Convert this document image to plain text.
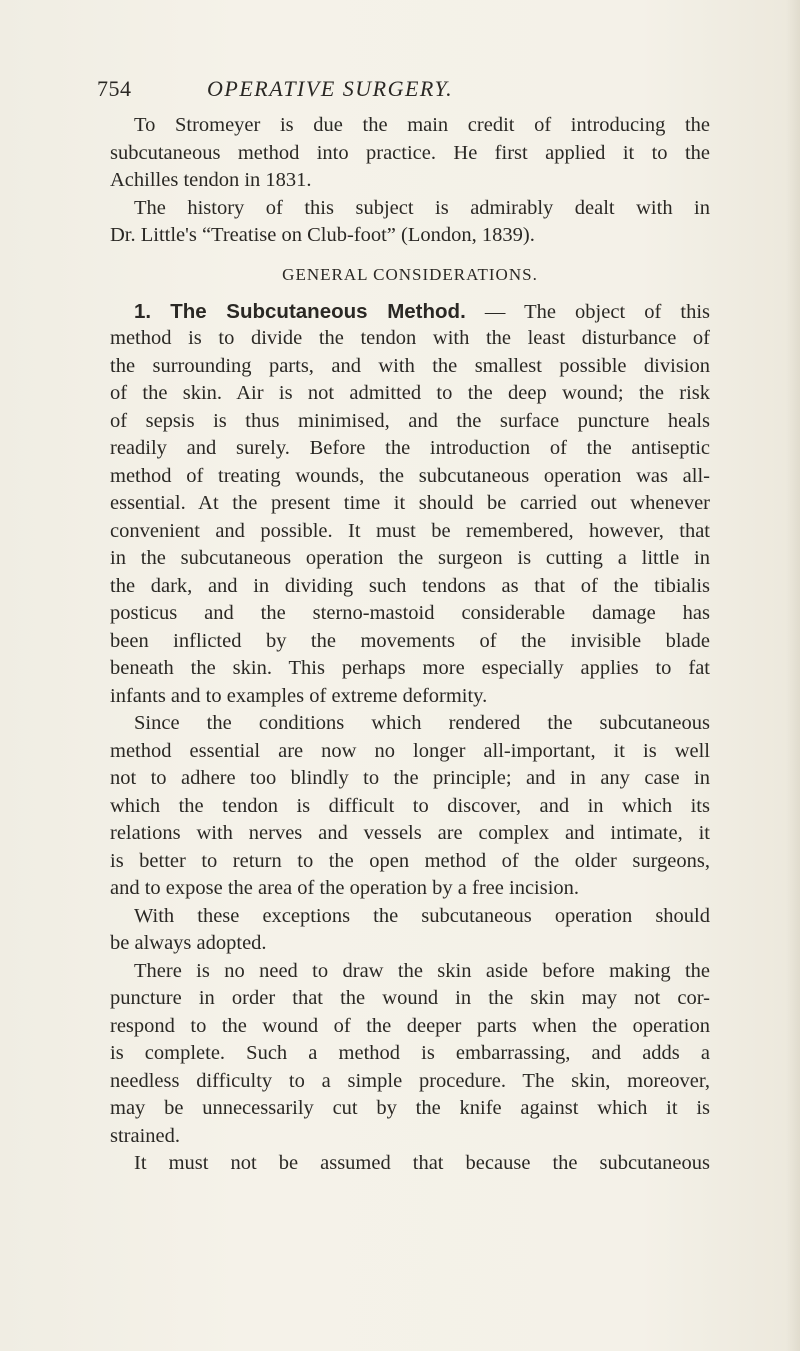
754	OPERATIVE SURGERY.
To Stromeyer is due the main credit of introducing the
subcutaneous method into practice. He first applied it to the
Achilles tendon in 1831.
The history of this subject is admirably dealt with in
Dr. Little's “Treatise on Club-foot” (London, 1839).
GENERAL CONSIDERATIONS.
1. The Subcutaneous Method. — The object of this
method is to divide the tendon with the least disturbance of
the surrounding parts, and with the smallest possible division
of the skin. Air is not admitted to the deep wound; the risk
of sepsis is thus minimised, and the surface puncture heals
readily and surely. Before the introduction of the antiseptic
method of treating wounds, the subcutaneous operation was all-
essential. At the present time it should be carried out whenever
convenient and possible. It must be remembered, however, that
in the subcutaneous operation the surgeon is cutting a little in
the dark, and in dividing such tendons as that of the tibialis
posticus and the sterno-mastoid considerable damage has
been inflicted by the movements of the invisible blade
beneath the skin. This perhaps more especially applies to fat
infants and to examples of extreme deformity.
Since the conditions which rendered the subcutaneous
method essential are now no longer all-important, it is well
not to adhere too blindly to the principle; and in any case in
which the tendon is difficult to discover, and in which its
relations with nerves and vessels are complex and intimate, it
is better to return to the open method of the older surgeons,
and to expose the area of the operation by a free incision.
With these exceptions the subcutaneous operation should
be always adopted.
There is no need to draw the skin aside before making the
puncture in order that the wound in the skin may not cor-
respond to the wound of the deeper parts when the operation
is complete. Such a method is embarrassing, and adds a
needless difficulty to a simple procedure. The skin, moreover,
may be unnecessarily cut by the knife against which it is
strained.
It must not be assumed that because the subcutaneous
